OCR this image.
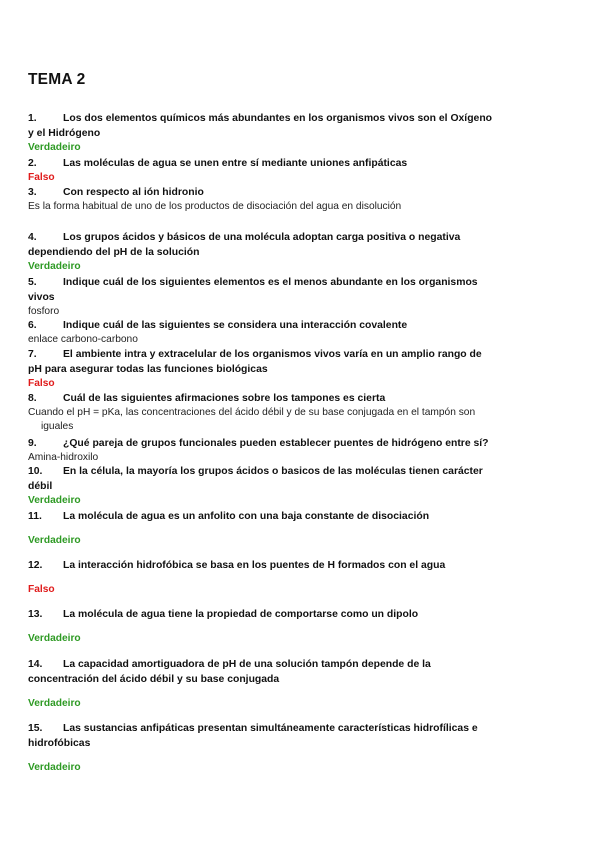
TEMA 2

1.	Los dos elementos químicos más abundantes en los organismos vivos son el Oxígeno
y el Hidrógeno

Verdadeiro

2.	Las moléculas de agua se unen entre sí mediante uniones anfipáticas

Falso

3.	Con respecto al ión hidronio

Es la forma habitual de uno de los productos de disociación del agua en disolución

4.	Los grupos ácidos y básicos de una molécula adoptan carga positiva o negativa
dependiendo del pH de la solución

Verdadeiro

5.	Indique cuál de los siguientes elementos es el menos abundante en los organismos
vivos

fosforo

6.	Indique cuál de las siguientes se considera una interacción covalente

enlace carbono-carbono

7.	El ambiente intra y extracelular de los organismos vivos varía en un amplio rango de
pH para asegurar todas las funciones biológicas

Falso

8.	Cuál de las siguientes afirmaciones sobre los tampones es cierta

Cuando el pH = pKa, las concentraciones del ácido débil y de su base conjugada en el tampón son
iguales

9.	¿Qué pareja de grupos funcionales pueden establecer puentes de hidrógeno entre sí?

Amina-hidroxilo

10. En la célula, la mayoría los grupos ácidos o basicos de las moléculas tienen carácter
débil

Verdadeiro

11. La molécula de agua es un anfolito con una baja constante de disociación

Verdadeiro

12. La interacción hidrofóbica se basa en los puentes de H formados con el agua

Falso

13. La molécula de agua tiene la propiedad de comportarse como un dipolo

Verdadeiro

14. La capacidad amortiguadora de pH de una solución tampón depende de la
concentración del ácido débil y su base conjugada

Verdadeiro

15. Las sustancias anfipáticas presentan simultáneamente características hidrofílicas e
hidrofóbicas

Verdadeiro
